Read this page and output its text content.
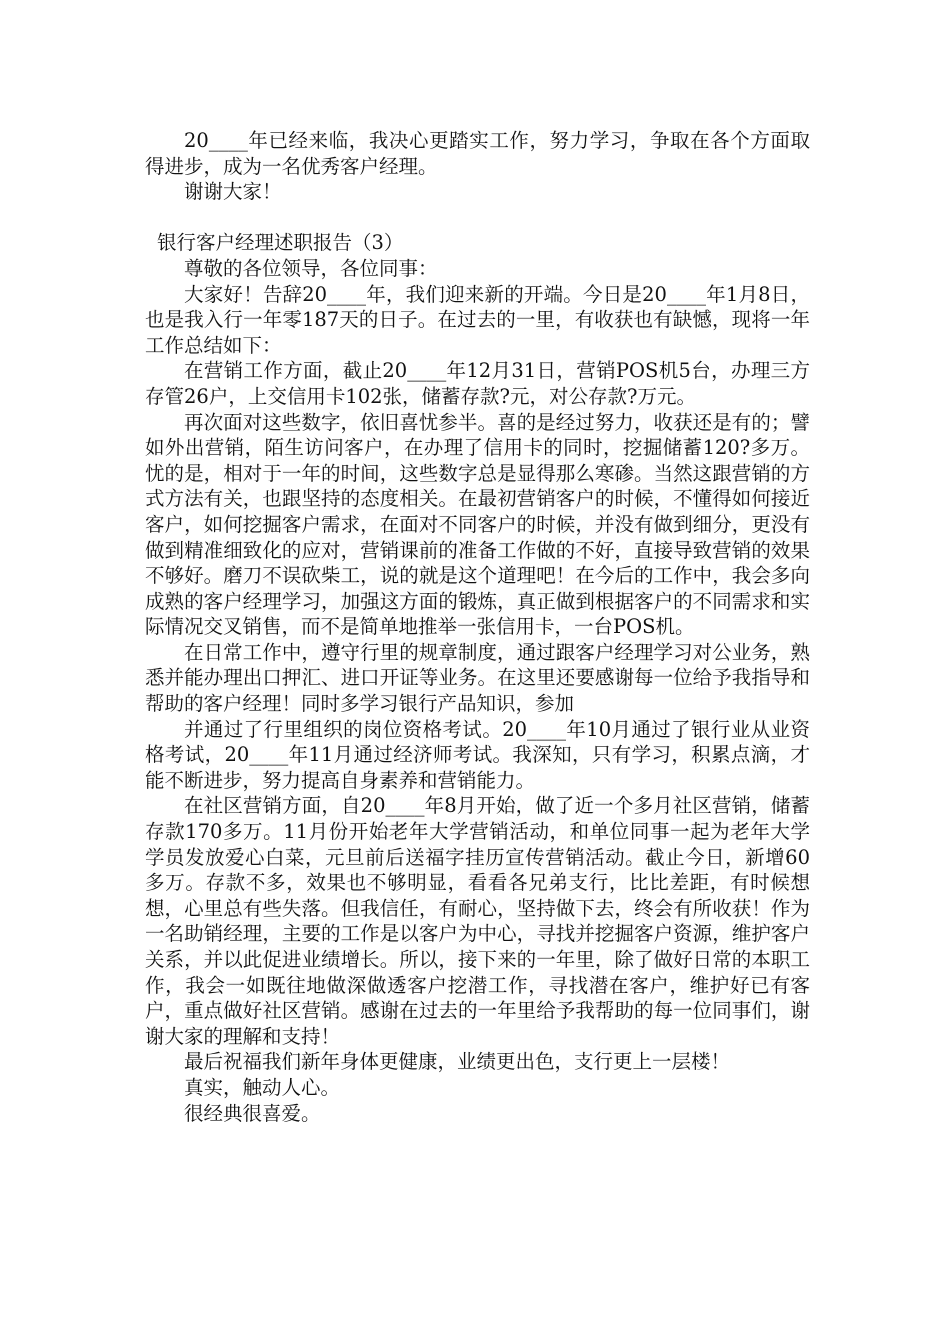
20____年已经来临，我决心更踏实工作，努力学习，争取在各个方面取得进步，成为一名优秀客户经理。

谢谢大家！

银行客户经理述职报告（3）

尊敬的各位领导，各位同事：

大家好！告辞20____年，我们迎来新的开端。今日是20____年1月8日，也是我入行一年零187天的日子。在过去的一里，有收获也有缺憾，现将一年工作总结如下：

在营销工作方面，截止20____年12月31日，营销POS机5台，办理三方存管26户，上交信用卡102张，储蓄存款?元，对公存款?万元。

再次面对这些数字，依旧喜忧参半。喜的是经过努力，收获还是有的；譬如外出营销，陌生访问客户，在办理了信用卡的同时，挖掘储蓄120?多万。忧的是，相对于一年的时间，这些数字总是显得那么寒碜。当然这跟营销的方式方法有关，也跟坚持的态度相关。在最初营销客户的时候，不懂得如何接近客户，如何挖掘客户需求，在面对不同客户的时候，并没有做到细分，更没有做到精准细致化的应对，营销课前的准备工作做的不好，直接导致营销的效果不够好。磨刀不误砍柴工，说的就是这个道理吧！在今后的工作中，我会多向成熟的客户经理学习，加强这方面的锻炼，真正做到根据客户的不同需求和实际情况交叉销售，而不是简单地推举一张信用卡，一台POS机。

在日常工作中，遵守行里的规章制度，通过跟客户经理学习对公业务，熟悉并能办理出口押汇、进口开证等业务。在这里还要感谢每一位给予我指导和帮助的客户经理！同时多学习银行产品知识，参加

并通过了行里组织的岗位资格考试。20____年10月通过了银行业从业资格考试，20____年11月通过经济师考试。我深知，只有学习，积累点滴，才能不断进步，努力提高自身素养和营销能力。

在社区营销方面，自20____年8月开始，做了近一个多月社区营销，储蓄存款170多万。11月份开始老年大学营销活动，和单位同事一起为老年大学学员发放爱心白菜，元旦前后送福字挂历宣传营销活动。截止今日，新增60多万。存款不多，效果也不够明显，看看各兄弟支行，比比差距，有时候想想，心里总有些失落。但我信任，有耐心，坚持做下去，终会有所收获！作为一名助销经理，主要的工作是以客户为中心，寻找并挖掘客户资源，维护客户关系，并以此促进业绩增长。所以，接下来的一年里，除了做好日常的本职工作，我会一如既往地做深做透客户挖潜工作，寻找潜在客户，维护好已有客户，重点做好社区营销。感谢在过去的一年里给予我帮助的每一位同事们，谢谢大家的理解和支持！

最后祝福我们新年身体更健康，业绩更出色，支行更上一层楼！

真实，触动人心。

很经典很喜爱。
